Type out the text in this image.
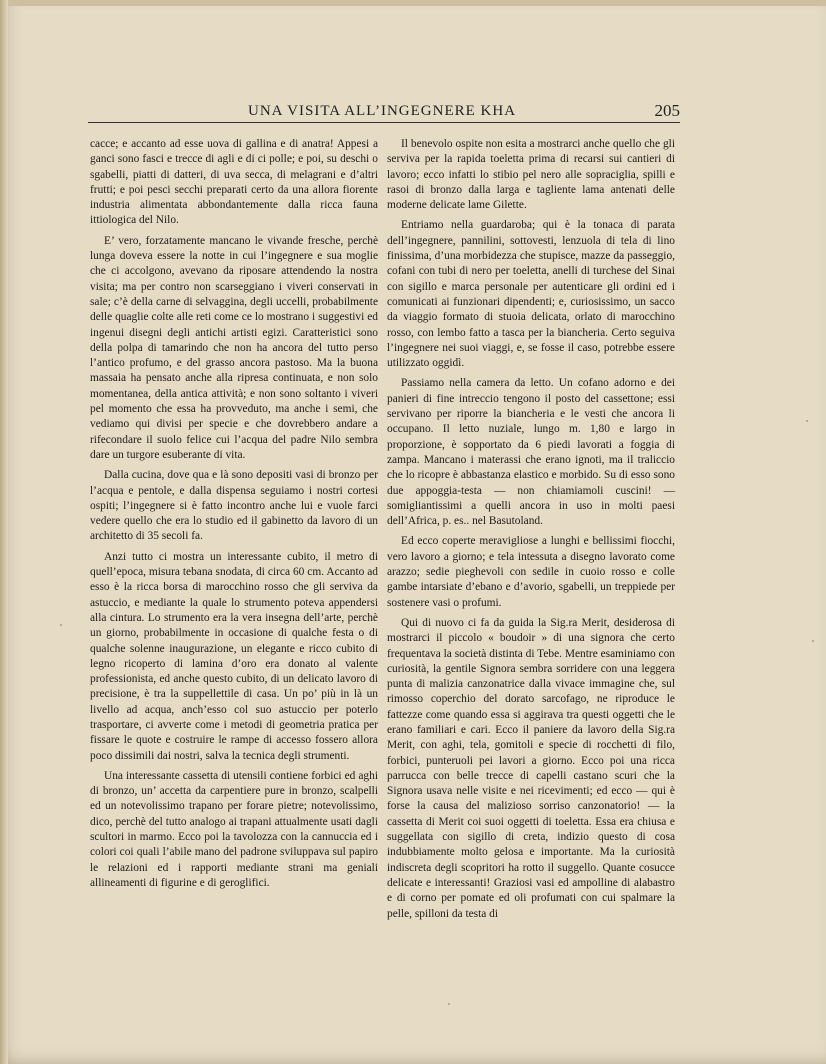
UNA VISITA ALL’INGEGNERE KHA	205

cacce; e accanto ad esse uova di gallina e di anatra! Appesi a ganci sono fasci e trecce di agli e di ci polle; e poi, su deschi o sgabelli, piatti di datteri, di uva secca, di melagrani e d’altri frutti; e poi pesci secchi preparati certo da una allora fiorente industria alimentata abbondantemente dalla ricca fauna ittiologica del Nilo.

E’ vero, forzatamente mancano le vivande fresche, perchè lunga doveva essere la notte in cui l’ingegnere e sua moglie che ci accolgono, avevano da riposare attendendo la nostra visita; ma per contro non scarseggiano i viveri conservati in sale; c’è della carne di selvaggina, degli uccelli, probabilmente delle quaglie colte alle reti come ce lo mostrano i suggestivi ed ingenui disegni degli antichi artisti egizi. Caratteristici sono della polpa di tamarindo che non ha ancora del tutto perso l’antico profumo, e del grasso ancora pastoso. Ma la buona massaia ha pensato anche alla ripresa continuata, e non solo momentanea, della antica attività; e non sono soltanto i viveri pel momento che essa ha provveduto, ma anche i semi, che vediamo qui divisi per specie e che dovrebbero andare a rifecondare il suolo felice cui l’acqua del padre Nilo sembra dare un turgore esuberante di vita.

Dalla cucina, dove qua e là sono depositi vasi di bronzo per l’acqua e pentole, e dalla dispensa seguiamo i nostri cortesi ospiti; l’ingegnere si è fatto incontro anche lui e vuole farci vedere quello che era lo studio ed il gabinetto da lavoro di un architetto di 35 secoli fa.

Anzi tutto ci mostra un interessante cubito, il metro di quell’epoca, misura tebana snodata, di circa 60 cm. Accanto ad esso è la ricca borsa di marocchino rosso che gli serviva da astuccio, e mediante la quale lo strumento poteva appendersi alla cintura. Lo strumento era la vera insegna dell’arte, perchè un giorno, probabilmente in occasione di qualche festa o di qualche solenne inaugurazione, un elegante e ricco cubito di legno ricoperto di lamina d’oro era donato al valente professionista, ed anche questo cubito, di un delicato lavoro di precisione, è tra la suppellettile di casa. Un po’ più in là un livello ad acqua, anch’esso col suo astuccio per poterlo trasportare, ci avverte come i metodi di geometria pratica per fissare le quote e costruire le rampe di accesso fossero allora poco dissimili dai nostri, salva la tecnica degli strumenti.

Una interessante cassetta di utensili contiene forbici ed aghi di bronzo, un’ accetta da carpentiere pure in bronzo, scalpelli ed un notevolissimo trapano per forare pietre; notevolissimo, dico, perchè del tutto analogo ai trapani attualmente usati dagli scultori in marmo. Ecco poi la tavolozza con la cannuccia ed i colori coi quali l’abile mano del padrone sviluppava sul papiro le relazioni ed i rapporti mediante strani ma geniali allineamenti di figurine e di geroglifici.

Il benevolo ospite non esita a mostrarci anche quello che gli serviva per la rapida toeletta prima di recarsi sui cantieri di lavoro; ecco infatti lo stibio pel nero alle sopraciglia, spilli e rasoi di bronzo dalla larga e tagliente lama antenati delle moderne delicate lame Gilette.

Entriamo nella guardaroba; qui è la tonaca di parata dell’ingegnere, pannilini, sottovesti, lenzuola di tela di lino finissima, d’una morbidezza che stupisce, mazze da passeggio, cofani con tubi di nero per toeletta, anelli di turchese del Sinai con sigillo e marca personale per autenticare gli ordini ed i comunicati ai funzionari dipendenti; e, curiosissimo, un sacco da viaggio formato di stuoia delicata, orlato di marocchino rosso, con lembo fatto a tasca per la biancheria. Certo seguiva l’ingegnere nei suoi viaggi, e, se fosse il caso, potrebbe essere utilizzato oggidì.

Passiamo nella camera da letto. Un cofano adorno e dei panieri di fine intreccio tengono il posto del cassettone; essi servivano per riporre la biancheria e le vesti che ancora li occupano. Il letto nuziale, lungo m. 1,80 e largo in proporzione, è sopportato da 6 piedi lavorati a foggia di zampa. Mancano i materassi che erano ignoti, ma il traliccio che lo ricopre è abbastanza elastico e morbido. Su di esso sono due appoggia-testa — non chiamiamoli cuscini! — somigliantissimi a quelli ancora in uso in molti paesi dell’Africa, p. es.. nel Basutoland.

Ed ecco coperte meravigliose a lunghi e bellissimi fiocchi, vero lavoro a giorno; e tela intessuta a disegno lavorato come arazzo; sedie pieghevoli con sedile in cuoio rosso e colle gambe intarsiate d’ebano e d’avorio, sgabelli, un treppiede per sostenere vasi o profumi.

Qui di nuovo ci fa da guida la Sig.ra Merit, desiderosa di mostrarci il piccolo « boudoir » di una signora che certo frequentava la società distinta di Tebe. Mentre esaminiamo con curiosità, la gentile Signora sembra sorridere con una leggera punta di malizia canzonatrice dalla vivace immagine che, sul rimosso coperchio del dorato sarcofago, ne riproduce le fattezze come quando essa si aggirava tra questi oggetti che le erano familiari e cari. Ecco il paniere da lavoro della Sig.ra Merit, con aghi, tela, gomitoli e specie di rocchetti di filo, forbici, punteruoli pei lavori a giorno. Ecco poi una ricca parrucca con belle trecce di capelli castano scuri che la Signora usava nelle visite e nei ricevimenti; ed ecco — qui è forse la causa del malizioso sorriso canzonatorio! — la cassetta di Merit coi suoi oggetti di toeletta. Essa era chiusa e suggellata con sigillo di creta, indizio questo di cosa indubbiamente molto gelosa e importante. Ma la curiosità indiscreta degli scopritori ha rotto il suggello. Quante cosucce delicate e interessanti! Graziosi vasi ed ampolline di alabastro e di corno per pomate ed oli profumati con cui spalmare la pelle, spilloni da testa di
